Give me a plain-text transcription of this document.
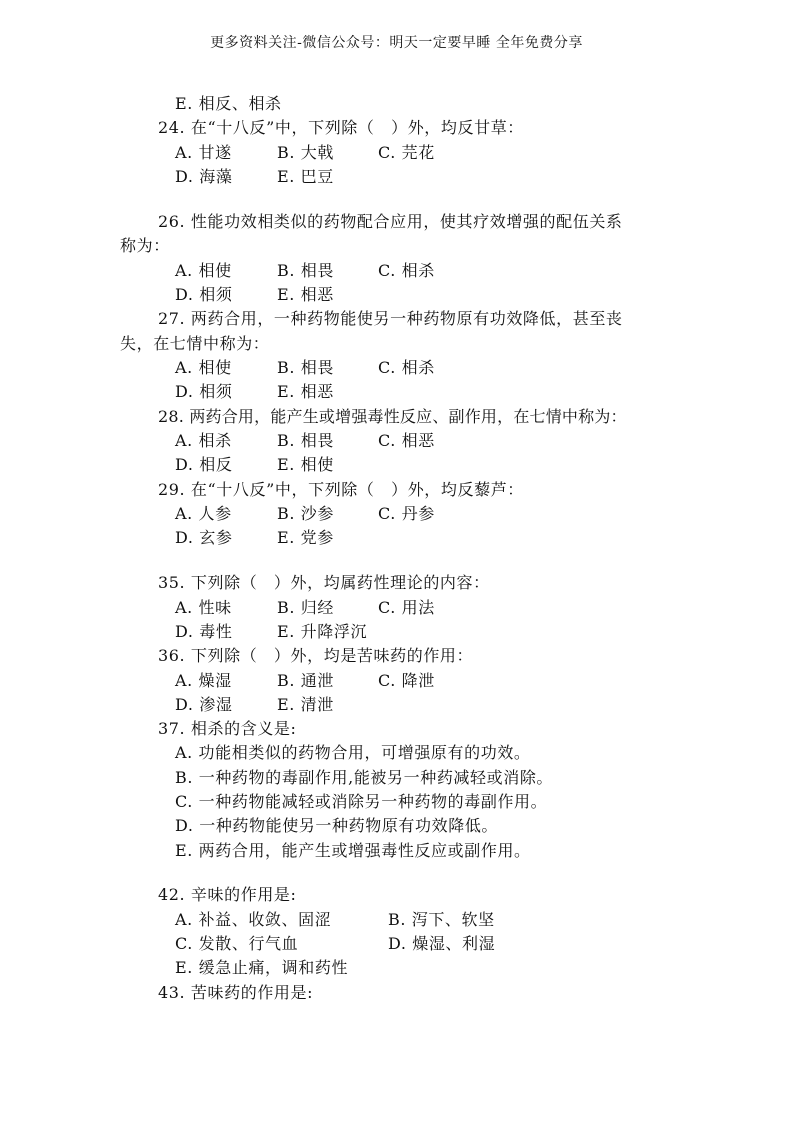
更多资料关注-微信公众号：明天一定要早睡 全年免费分享
E. 相反、相杀
24. 在“十八反”中，下列除（　）外，均反甘草：
A. 甘遂	B. 大戟	C. 芫花
D. 海藻	E. 巴豆
26. 性能功效相类似的药物配合应用，使其疗效增强的配伍关系
称为：
A. 相使	B. 相畏	C. 相杀
D. 相须	E. 相恶
27. 两药合用，一种药物能使另一种药物原有功效降低，甚至丧
失，在七情中称为：
A. 相使	B. 相畏	C. 相杀
D. 相须	E. 相恶
28. 两药合用，能产生或增强毒性反应、副作用，在七情中称为：
A. 相杀	B. 相畏	C. 相恶
D. 相反	E. 相使
29. 在“十八反”中，下列除（　）外，均反藜芦：
A. 人参	B. 沙参	C. 丹参
D. 玄参	E. 党参
35. 下列除（　）外，均属药性理论的内容：
A. 性味	B. 归经	C. 用法
D. 毒性	E. 升降浮沉
36. 下列除（　）外，均是苦味药的作用：
A. 燥湿	B. 通泄	C. 降泄
D. 渗湿	E. 清泄
37. 相杀的含义是:
A. 功能相类似的药物合用，可增强原有的功效。
B. 一种药物的毒副作用,能被另一种药减轻或消除。
C. 一种药物能减轻或消除另一种药物的毒副作用。
D. 一种药物能使另一种药物原有功效降低。
E. 两药合用，能产生或增强毒性反应或副作用。
42. 辛味的作用是:
A. 补益、收敛、固涩	B. 泻下、软坚
C. 发散、行气血	D. 燥湿、利湿
E. 缓急止痛，调和药性
43. 苦味药的作用是:
